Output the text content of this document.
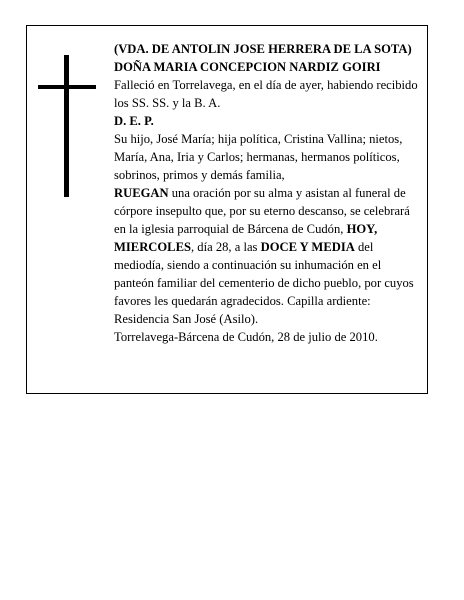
(VDA. DE ANTOLIN JOSE HERRERA DE LA SOTA)

DOÑA MARIA CONCEPCION NARDIZ GOIRI

Falleció en Torrelavega, en el día de ayer, habiendo recibido los SS. SS. y la B. A.

D. E. P.

Su hijo, José María; hija política, Cristina Vallina; nietos, María, Ana, Iria y Carlos; hermanas, hermanos políticos, sobrinos, primos y demás familia,

RUEGAN una oración por su alma y asistan al funeral de córpore insepulto que, por su eterno descanso, se celebrará en la iglesia parroquial de Bárcena de Cudón, HOY, MIERCOLES, día 28, a las DOCE Y MEDIA del mediodía, siendo a continuación su inhumación en el panteón familiar del cementerio de dicho pueblo, por cuyos favores les quedarán agradecidos. Capilla ardiente: Residencia San José (Asilo).

Torrelavega-Bárcena de Cudón, 28 de julio de 2010.
